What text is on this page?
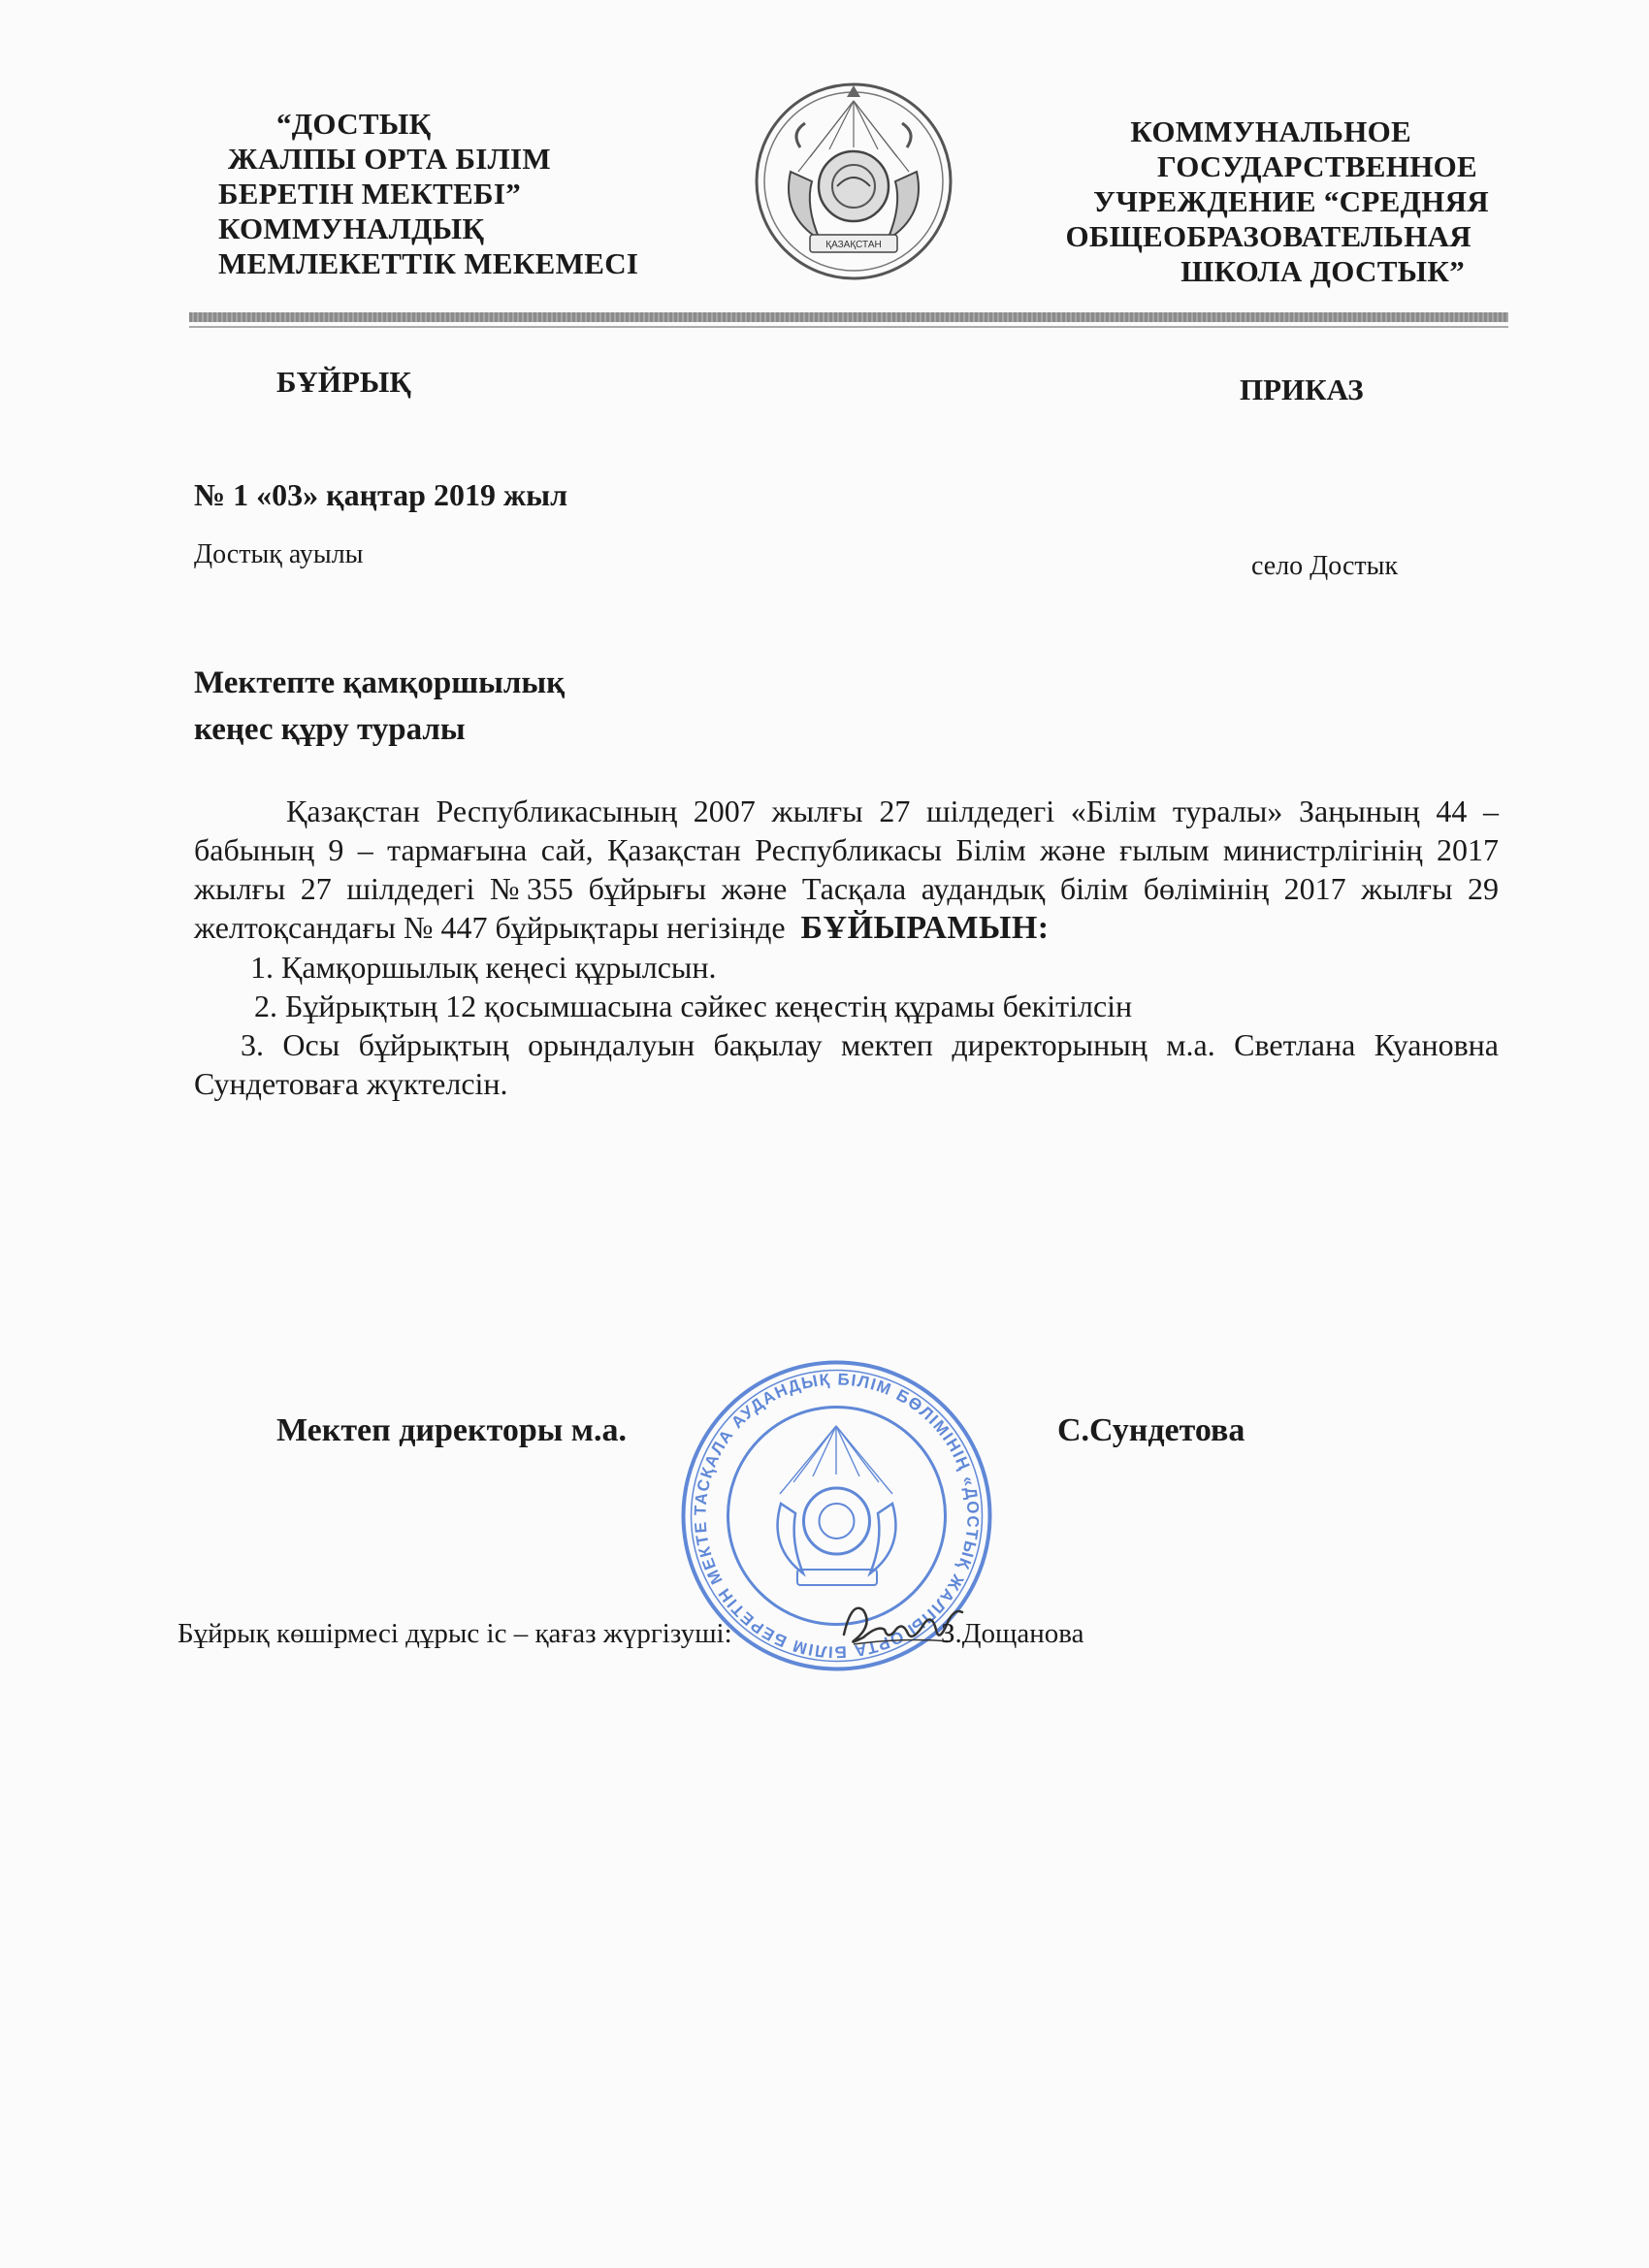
“ДОСТЫҚ
ЖАЛПЫ ОРТА БІЛІМ
БЕРЕТІН МЕКТЕБІ”
КОММУНАЛДЫҚ
МЕМЛЕКЕТТІК МЕКЕМЕСІ
ҚАЗАҚСТАН
КОММУНАЛЬНОЕ
ГОСУДАРСТВЕННОЕ
УЧРЕЖДЕНИЕ “СРЕДНЯЯ
ОБЩЕОБРАЗОВАТЕЛЬНАЯ
ШКОЛА ДОСТЫК”
БҰЙРЫҚ	ПРИКАЗ
№ 1 «03» қаңтар 2019 жыл
Достық ауылы	село Достык
Мектепте қамқоршылық
кеңес құру туралы

Қазақстан Республикасының 2007 жылғы 27 шілдедегі «Білім туралы» Заңының 44 – бабының 9 – тармағына сай, Қазақстан Республикасы Білім және ғылым министрлігінің 2017 жылғы 27 шілдедегі №355 бұйрығы және Тасқала аудандық білім бөлімінің 2017 жылғы 29 желтоқсандағы № 447 бұйрықтары негізінде БҰЙЫРАМЫН:

1. Қамқоршылық кеңесі құрылсын.

2. Бұйрықтың 12 қосымшасына сәйкес кеңестің құрамы бекітілсін

3. Осы бұйрықтың орындалуын бақылау мектеп директорының м.а. Светлана Куановна Сундетоваға жүктелсін.

Мектеп директоры м.а.	С.Сундетова
ТАСҚАЛА АУДАНДЫҚ БІЛІМ БӨЛІМІНІҢ «ДОСТЫҚ ЖАЛПЫ ОРТА БІЛІМ БЕРЕТІН МЕКТЕ
Бұйрық көшірмесі дұрыс іс – қағаз жүргізуші:	З.Дощанова
